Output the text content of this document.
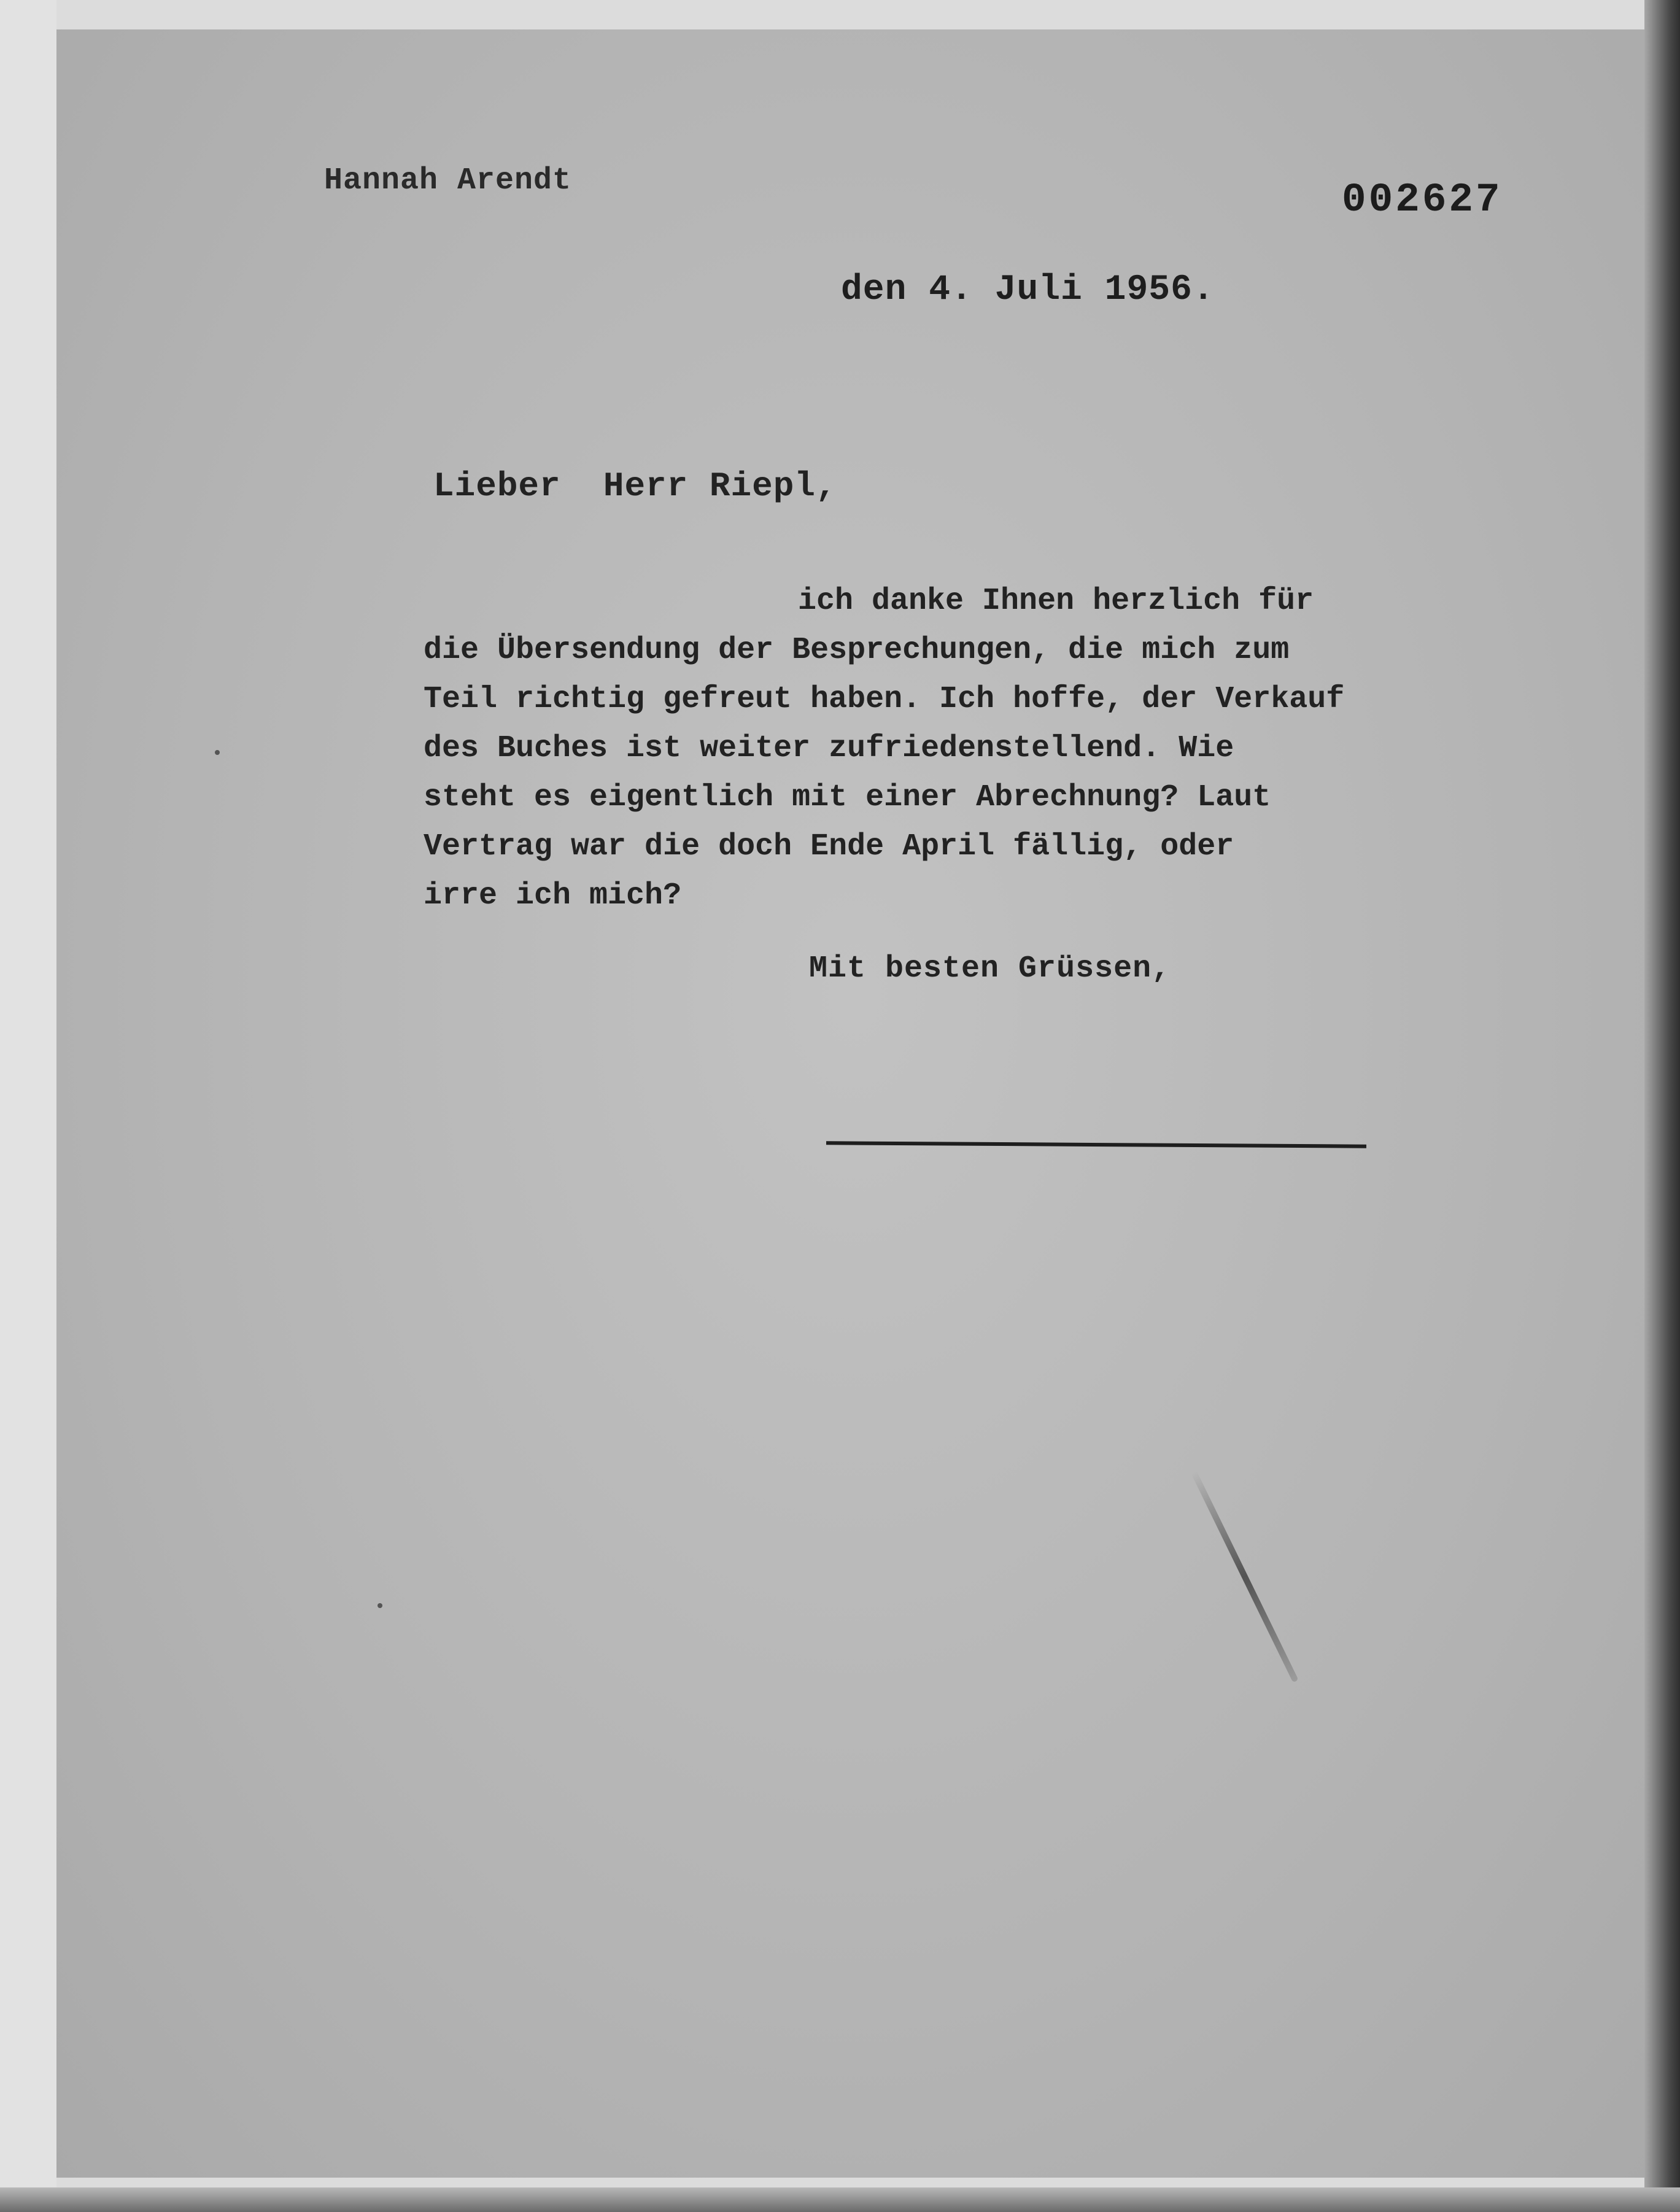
Hannah Arendt	002627
den 4. Juli 1956.
Lieber  Herr Riepl,
ich danke Ihnen herzlich für
die Übersendung der Besprechungen, die mich zum
Teil richtig gefreut haben. Ich hoffe, der Verkauf
des Buches ist weiter zufriedenstellend. Wie
steht es eigentlich mit einer Abrechnung? Laut
Vertrag war die doch Ende April fällig, oder
irre ich mich?
Mit besten Grüssen,
